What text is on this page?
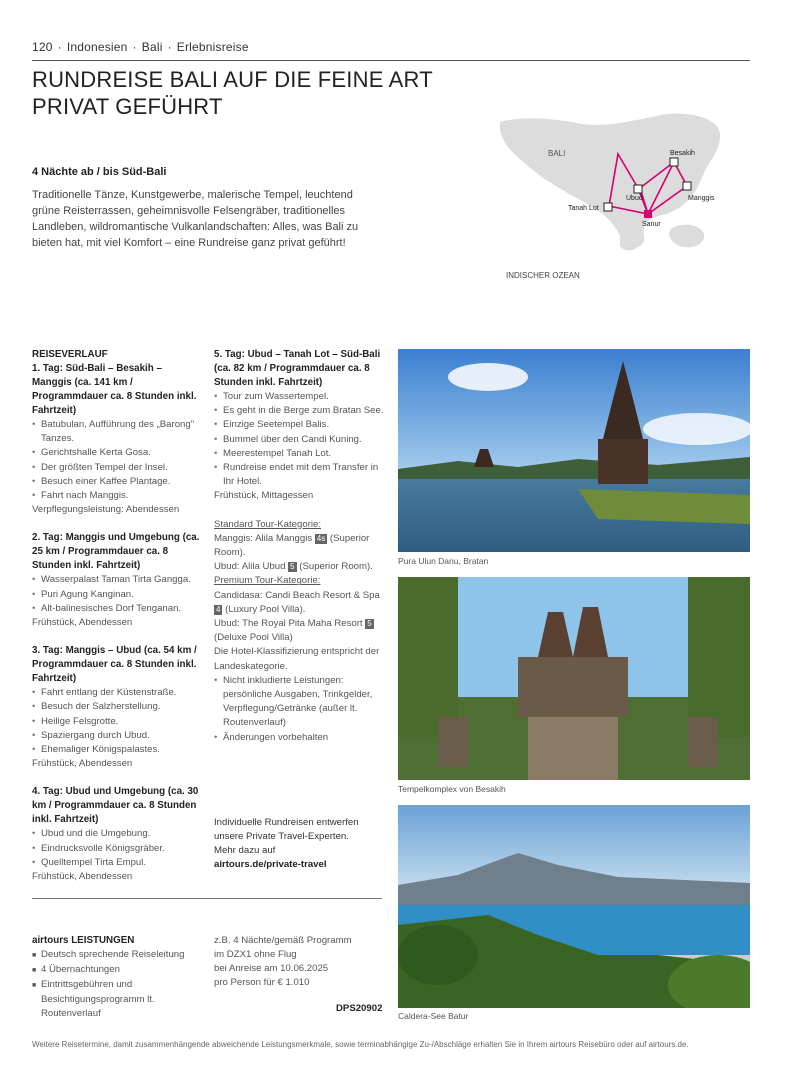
120 · Indonesien · Bali · Erlebnisreise
RUNDREISE BALI AUF DIE FEINE ART
PRIVAT GEFÜHRT
4 Nächte ab / bis Süd-Bali
Traditionelle Tänze, Kunstgewerbe, malerische Tempel, leuchtend grüne Reisterrassen, geheimnisvolle Felsengräber, traditionelles Landleben, wildromantische Vulkanlandschaften: Alles, was Bali zu bieten hat, mit viel Komfort – eine Rundreise ganz privat geführt!
BALI	Besakih
Ubud	Manggis
Tanah Lot
Sanur
INDISCHER OZEAN
REISEVERLAUF
1. Tag: Süd-Bali – Besakih – Manggis (ca. 141 km / Programmdauer ca. 8 Stunden inkl. Fahrtzeit)
• Batubulan, Aufführung des „Barong" Tanzes.
• Gerichtshalle Kerta Gosa.
• Der größten Tempel der Insel.
• Besuch einer Kaffee Plantage.
• Fahrt nach Manggis.

Verpflegungsleistung: Abendessen

2. Tag: Manggis und Umgebung (ca. 25 km / Programmdauer ca. 8 Stunden inkl. Fahrtzeit)
• Wasserpalast Taman Tirta Gangga.
• Puri Agung Kanginan.
• Alt-balinesisches Dorf Tenganan.

Frühstück, Abendessen

3. Tag: Manggis – Ubud (ca. 54 km / Programmdauer ca. 8 Stunden inkl. Fahrtzeit)
• Fahrt entlang der Küstenstraße.
• Besuch der Salzherstellung.
• Heilige Felsgrotte.
• Spaziergang durch Ubud.
• Ehemaliger Königspalastes.

Frühstück, Abendessen

4. Tag: Ubud und Umgebung (ca. 30 km / Programmdauer ca. 8 Stunden inkl. Fahrtzeit)
• Ubud und die Umgebung.
• Eindrucksvolle Königsgräber.
• Quelltempel Tirta Empul.

Frühstück, Abendessen

5. Tag: Ubud – Tanah Lot – Süd-Bali (ca. 82 km / Programmdauer ca. 8 Stunden inkl. Fahrtzeit)
• Tour zum Wassertempel.
• Es geht in die Berge zum Bratan See.
• Einzige Seetempel Balis.
• Bummel über den Candi Kuning.
• Meerestempel Tanah Lot.
• Rundreise endet mit dem Transfer in Ihr Hotel.

Frühstück, Mittagessen

Standard Tour-Kategorie:

Manggis: Alila Manggis 4s (Superior Room).

Ubud: Alila Ubud 5 (Superior Room).

Premium Tour-Kategorie:

Candidasa: Candi Beach Resort & Spa 4 (Luxury Pool Villa).

Ubud: The Royal Pita Maha Resort 5 (Deluxe Pool Villa)

Die Hotel-Klassifizierung entspricht der Landeskategorie.

• Nicht inkludierte Leistungen: persönliche Ausgaben, Trinkgelder, Verpflegung/Getränke (außer lt. Routenverlauf)
• Änderungen vorbehalten
Individuelle Rundreisen entwerfen unsere Private Travel-Experten.
Mehr dazu auf
airtours.de/private-travel
Pura Ulun Danu, Bratan
Tempelkomplex von Besakih
Caldera-See Batur
airtours LEISTUNGEN
■ Deutsch sprechende Reiseleitung
■ 4 Übernachtungen
■ Eintrittsgebühren und Besichtigungsprogramm lt. Routenverlauf
z.B. 4 Nächte/gemäß Programm
im DZX1 ohne Flug
bei Anreise am 10.06.2025
pro Person für € 1.010
DPS20902
Weitere Reisetermine, damit zusammenhängende abweichende Leistungsmerkmale, sowie terminabhängige Zu-/Abschläge erhalten Sie in Ihrem airtours Reisebüro oder auf airtours.de.
